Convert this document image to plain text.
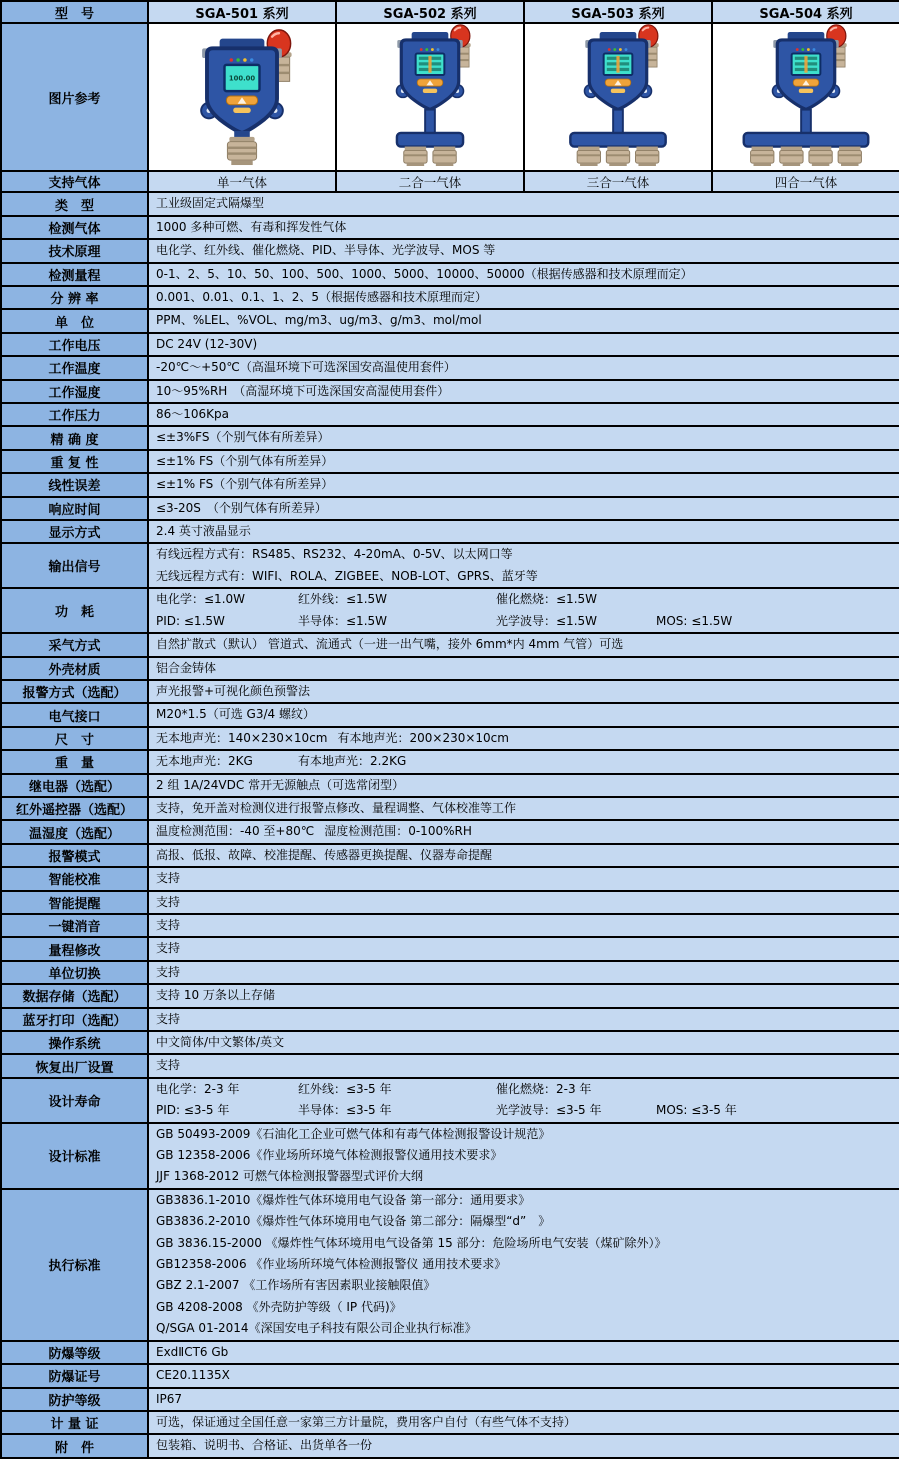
型　号	SGA-501 系列	SGA-502 系列	SGA-503 系列	SGA-504 系列
图片参考	100.00

支持气体	单一气体	二合一气体	三合一气体	四合一气体
类　型	工业级固定式隔爆型			

检测气体	1000 多种可燃、有毒和挥发性气体			

技术原理	电化学、红外线、催化燃烧、PID、半导体、光学波导、MOS 等			

检测量程	0-1、2、5、10、50、100、500、1000、5000、10000、50000（根据传感器和技术原理而定）			

分 辨 率	0.001、0.01、0.1、1、2、5（根据传感器和技术原理而定）			

单　位	PPM、%LEL、%VOL、mg/m3、ug/m3、g/m3、mol/mol			

工作电压	DC 24V (12-30V)			

工作温度	-20℃～+50℃（高温环境下可选深国安高温使用套件）			

工作湿度	10～95%RH　（高湿环境下可选深国安高湿使用套件）			

工作压力	86～106Kpa			

精 确 度	≤±3%FS（个别气体有所差异）			

重 复 性	≤±1% FS（个别气体有所差异）			

线性误差	≤±1% FS（个别气体有所差异）			

响应时间	≤3-20S　（个别气体有所差异）			

显示方式	2.4 英寸液晶显示			

输出信号	有线远程方式有：RS485、RS232、4-20mA、0-5V、以太网口等
无线远程方式有：WIFI、ROLA、ZIGBEE、NOB-LOT、GPRS、蓝牙等			

功　耗	电化学：≤1.0W 红外线：≤1.5W 催化燃烧：≤1.5W
PID: ≤1.5W 半导体：≤1.5W 光学波导：≤1.5W MOS: ≤1.5W			

采气方式	自然扩散式（默认） 管道式、流通式（一进一出气嘴，接外 6mm*内 4mm 气管）可选			

外壳材质	铝合金铸体			

报警方式（选配）	声光报警+可视化颜色预警法			

电气接口	M20*1.5（可选 G3/4 螺纹）			

尺　寸	无本地声光：140×230×10cm 有本地声光：200×230×10cm			

重　量	无本地声光：2KG 有本地声光：2.2KG			

继电器（选配）	2 组 1A/24VDC 常开无源触点（可选常闭型）			

红外遥控器（选配）	支持，免开盖对检测仪进行报警点修改、量程调整、气体校准等工作			

温湿度（选配）	温度检测范围：-40 至+80℃ 湿度检测范围：0-100%RH			

报警模式	高报、低报、故障、校准提醒、传感器更换提醒、仪器寿命提醒			

智能校准	支持			

智能提醒	支持			

一键消音	支持			

量程修改	支持			

单位切换	支持			

数据存储（选配）	支持 10 万条以上存储			

蓝牙打印（选配）	支持			

操作系统	中文简体/中文繁体/英文			

恢复出厂设置	支持			

设计寿命	电化学：2-3 年 红外线：≤3-5 年 催化燃烧：2-3 年
PID: ≤3-5 年 半导体：≤3-5 年 光学波导：≤3-5 年 MOS: ≤3-5 年			

设计标准	GB 50493-2009《石油化工企业可燃气体和有毒气体检测报警设计规范》
GB 12358-2006《作业场所环境气体检测报警仪通用技术要求》
JJF 1368-2012 可燃气体检测报警器型式评价大纲			

执行标准	
GB3836.1-2010《爆炸性气体环境用电气设备 第一部分：通用要求》
GB3836.2-2010《爆炸性气体环境用电气设备 第二部分：隔爆型“d”　》
GB 3836.15-2000 《爆炸性气体环境用电气设备第 15 部分：危险场所电气安装（煤矿除外）》
GB12358-2006 《作业场所环境气体检测报警仪 通用技术要求》
GBZ 2.1-2007 《工作场所有害因素职业接触限值》
GB 4208-2008 《外壳防护等级（ IP 代码)》
Q/SGA 01-2014《深国安电子科技有限公司企业执行标准》

防爆等级	ExdⅡCT6 Gb			

防爆证号	CE20.1135X			

防护等级	IP67			

计 量 证	可选，保证通过全国任意一家第三方计量院，费用客户自付（有些气体不支持）			

附　件	包装箱、说明书、合格证、出货单各一份			
